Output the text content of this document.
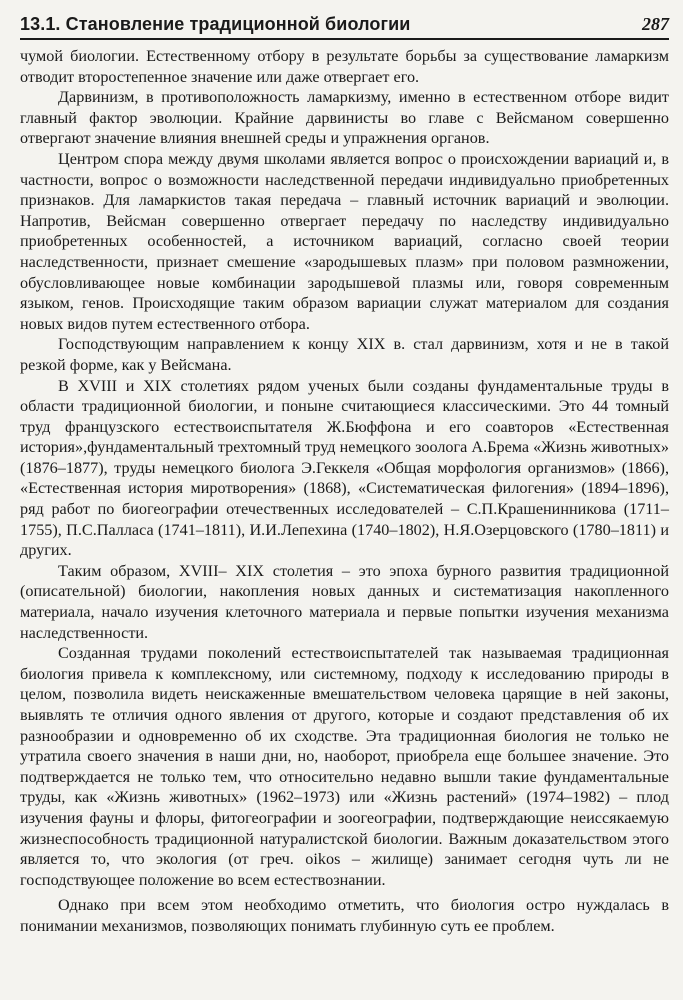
13.1. Становление традиционной биологии	287

чумой биологии. Естественному отбору в результате борьбы за существование ламаркизм отводит второстепенное значение или даже отвергает его.

Дарвинизм, в противоположность ламаркизму, именно в естественном отборе видит главный фактор эволюции. Крайние дарвинисты во главе с Вейсманом совершенно отвергают значение влияния внешней среды и упражнения органов.

Центром спора между двумя школами является вопрос о происхождении вариаций и, в частности, вопрос о возможности наследственной передачи индивидуально приобретенных признаков. Для ламаркистов такая передача – главный источник вариаций и эволюции. Напротив, Вейсман совершенно отвергает передачу по наследству индивидуально приобретенных особенностей, а источником вариаций, согласно своей теории наследственности, признает смешение «зародышевых плазм» при половом размножении, обусловливающее новые комбинации зародышевой плазмы или, говоря современным языком, генов. Происходящие таким образом вариации служат материалом для создания новых видов путем естественного отбора.

Господствующим направлением к концу XIX в. стал дарвинизм, хотя и не в такой резкой форме, как у Вейсмана.

В XVIII и XIX столетиях рядом ученых были созданы фундаментальные труды в области традиционной биологии, и поныне считающиеся классическими. Это 44 томный труд французского естествоиспытателя Ж.Бюффона и его соавторов «Естественная история»,фундаментальный трехтомный труд немецкого зоолога А.Брема «Жизнь животных» (1876–1877), труды немецкого биолога Э.Геккеля «Общая морфология организмов» (1866), «Естественная история миротворения» (1868), «Систематическая филогения» (1894–1896), ряд работ по биогеографии отечественных исследователей – С.П.Крашенинникова (1711–1755), П.С.Палласа (1741–1811), И.И.Лепехина (1740–1802), Н.Я.Озерцовского (1780–1811) и других.

Таким образом, XVIII– XIX столетия – это эпоха бурного развития традиционной (описательной) биологии, накопления новых данных и систематизация накопленного материала, начало изучения клеточного материала и первые попытки изучения механизма наследственности.

Созданная трудами поколений естествоиспытателей так называемая традиционная биология привела к комплексному, или системному, подходу к исследованию природы в целом, позволила видеть неискаженные вмешательством человека царящие в ней законы, выявлять те отличия одного явления от другого, которые и создают представления об их разнообразии и одновременно об их сходстве. Эта традиционная биология не только не утратила своего значения в наши дни, но, наоборот, приобрела еще большее значение. Это подтверждается не только тем, что относительно недавно вышли такие фундаментальные труды, как «Жизнь животных» (1962–1973) или «Жизнь растений» (1974–1982) – плод изучения фауны и флоры, фитогеографии и зоогеографии, подтверждающие неиссякаемую жизнеспособность традиционной натуралистской биологии. Важным доказательством этого является то, что экология (от греч. oikos – жилище) занимает сегодня чуть ли не господствующее положение во всем естествознании.

Однако при всем этом необходимо отметить, что биология остро нуждалась в понимании механизмов, позволяющих понимать глубинную суть ее проблем.
